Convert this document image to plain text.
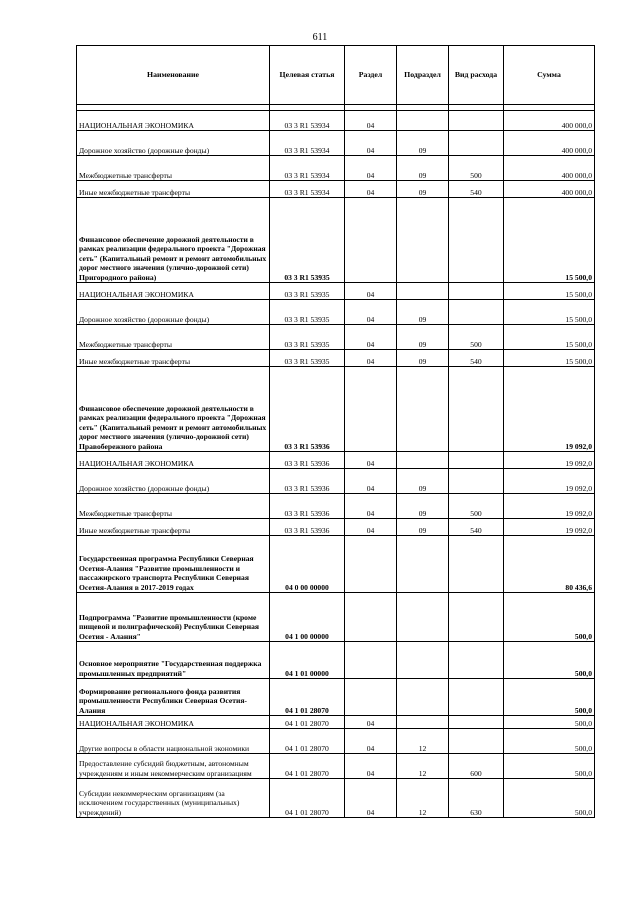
611
Наименование	Целевая статья	Раздел	Подраздел	Вид расхода	Сумма

НАЦИОНАЛЬНАЯ ЭКОНОМИКА	03 3 R1 53934	04			400 000,0
Дорожное хозяйство (дорожные фонды)	03 3 R1 53934	04	09		400 000,0
Межбюджетные трансферты	03 3 R1 53934	04	09	500	400 000,0
Иные межбюджетные трансферты	03 3 R1 53934	04	09	540	400 000,0
Финансовое обеспечение дорожной деятельности в рамках реализации федерального проекта "Дорожная сеть" (Капитальный ремонт и ремонт автомобильных дорог местного значения (улично-дорожной сети) Пригородного района)	03 3 R1 53935				15 500,0
НАЦИОНАЛЬНАЯ ЭКОНОМИКА	03 3 R1 53935	04			15 500,0
Дорожное хозяйство (дорожные фонды)	03 3 R1 53935	04	09		15 500,0
Межбюджетные трансферты	03 3 R1 53935	04	09	500	15 500,0
Иные межбюджетные трансферты	03 3 R1 53935	04	09	540	15 500,0
Финансовое обеспечение дорожной деятельности в рамках реализации федерального проекта "Дорожная сеть" (Капитальный ремонт и ремонт автомобильных дорог местного значения (улично-дорожной сети) Правобережного района	03 3 R1 53936				19 092,0
НАЦИОНАЛЬНАЯ ЭКОНОМИКА	03 3 R1 53936	04			19 092,0
Дорожное хозяйство (дорожные фонды)	03 3 R1 53936	04	09		19 092,0
Межбюджетные трансферты	03 3 R1 53936	04	09	500	19 092,0
Иные межбюджетные трансферты	03 3 R1 53936	04	09	540	19 092,0
Государственная программа Республики Северная Осетия-Алания "Развитие промышленности и пассажирского транспорта Республики Северная Осетия-Алания в 2017-2019 годах	04 0 00 00000				80 436,6
Подпрограмма "Развитие промышленности (кроме пищевой и полиграфической) Республики Северная Осетия - Алания"	04 1 00 00000				500,0
Основное мероприятие "Государственная поддержка промышленных предприятий"	04 1 01 00000				500,0
Формирование регионального фонда развития промышленности Республики Северная Осетия-Алания	04 1 01 28070				500,0
НАЦИОНАЛЬНАЯ ЭКОНОМИКА	04 1 01 28070	04			500,0
Другие вопросы в области национальной экономики	04 1 01 28070	04	12		500,0
Предоставление субсидий бюджетным, автономным учреждениям и иным некоммерческим организациям	04 1 01 28070	04	12	600	500,0
Субсидии некоммерческим организациям (за исключением государственных (муниципальных) учреждений)	04 1 01 28070	04	12	630	500,0
